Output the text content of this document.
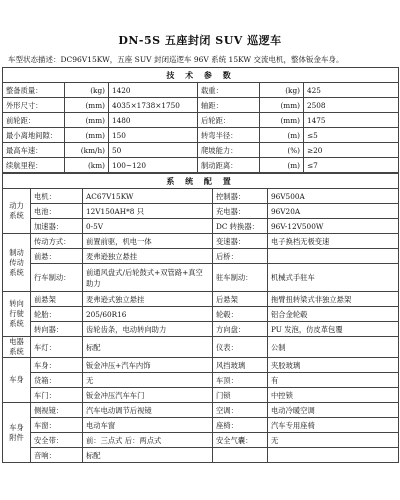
DN-5S 五座封闭 SUV 巡逻车
车型状态描述：DC96V15KW，五座 SUV 封闭巡逻车 96V 系统 15KW 交流电机，整体钣金车身。
技 术 参 数					
整备质量：	(kg)	1420	载重：	(kg)	425
外形尺寸：	(mm)	4035×1738×1750	轴距：	(mm)	2508
前轮距：	(mm)	1480	后轮距：	(mm)	1475
最小离地间隙：	(mm)	150	转弯半径：	(m)	≤5
最高车速：	(km/h)	50	爬坡能力：	(%)	≥20
续航里程：	(km)	100~120	制动距离：	(m)	≤7
系 统 配 置				
动力系统	电机：	AC67V15KW	控制器：	96V500A
	电池：	12V150AH*8 只	充电器：	96V20A
	加速器：	0-5V	DC 转换器：	96V-12V500W
制动传动系统	传动方式：	前置前驱，机电一体	变速器：	电子换档无极变速
	前悬：	麦弗逊独立悬挂	后桥：	
	行车制动：	前通风盘式/后轮鼓式+双管路+真空助力	驻车制动：	机械式手驻车
转向行驶系统	前悬架	麦弗逊式独立悬挂	后悬架	拖臂扭转梁式非独立悬架
	轮胎：	205/60R16	轮毂：	铝合金轮毂
	转向器：	齿轮齿条，电动转向助力	方向盘：	PU 发泡，仿皮革包覆
电器系统	车灯：	标配	仪表：	公制
车身	车身：	钣金冲压+汽车内饰	风挡玻璃	夹胶玻璃
	货箱：	无	车顶：	有
	车门：	钣金冲压汽车车门	门锁	中控锁
车身附件	侧视镜：	汽车电动调节后视镜	空调：	电动冷暖空调
	车窗：	电动车窗	座椅：	汽车专用座椅
	安全带：	前：三点式 后：两点式	安全气囊：	无
	音响：	标配		
